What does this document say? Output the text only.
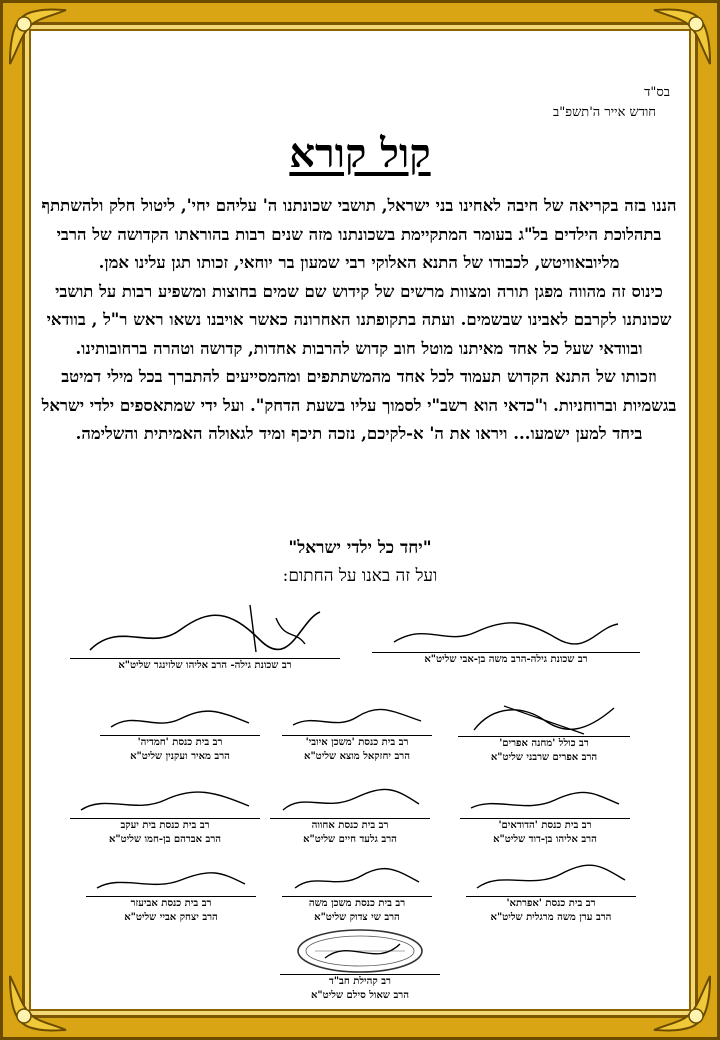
בס"ד
חודש אייר ה'תשפ"ב
קול קורא

הננו בזה בקריאה של חיבה לאחינו בני ישראל, תושבי שכונתנו ה' עליהם יחי', ליטול חלק ולהשתתף בתהלוכת הילדים בל"ג בעומר המתקיימת בשכונתנו מזה שנים רבות בהוראתו הקדושה של הרבי מליובאוויטש, לכבודו של התנא האלוקי רבי שמעון בר יוחאי, זכותו תגן עלינו אמן.

כינוס זה מהווה מפגן תורה ומצוות מרשים של קידוש שם שמים בחוצות ומשפיע רבות על תושבי שכונתנו לקרבם לאבינו שבשמים. ועתה בתקופתנו האחרונה כאשר אויבנו נשאו ראש ר"ל , בוודאי ובוודאי שעל כל אחד מאיתנו מוטל חוב קדוש להרבות אחדות, קדושה וטהרה ברחובותינו.

וזכותו של התנא הקדוש תעמוד לכל אחד מהמשתתפים ומהמסייעים להתברך בכל מילי דמיטב בגשמיות וברוחניות. ו"כדאי הוא רשב"י לסמוך עליו בשעת הדחק". ועל ידי שמתאספים ילדי ישראל ביחד למען ישמעו... ויראו את ה' א-לקיכם, נזכה תיכף ומיד לגאולה האמיתית והשלימה.

"יחד כל ילדי ישראל"
ועל זה באנו על החתום:
רב שכונת גילה- הרב אליהו שלזינגר שליט"א
רב שכונת גילה-הרב משה בן-אבי שליט"א
רב בית כנסת 'חמדיה'
הרב מאיר ועקנין שליט"א
רב בית כנסת 'משכן איובי'
הרב יחזקאל מוצא שליט"א
רב כולל 'מחנה אפרים'
הרב אפרים שרבני שליט"א
רב בית כנסת בית יעקב
הרב אברהם בן-חמו שליט"א
רב בית כנסת אחווה
הרב גלעד חיים שליט"א
רב בית כנסת 'הדודאים'
הרב אליהו בן-דוד שליט"א
רב בית כנסת אביעזר
הרב יצחק אביי שליט"א
רב בית כנסת משכן משה
הרב שי צדוק שליט"א
רב בית כנסת 'אפרתא'
הרב ערן משה מרגלית שליט"א
רב קהילת חב"ד
הרב שאול סילם שליט"א
